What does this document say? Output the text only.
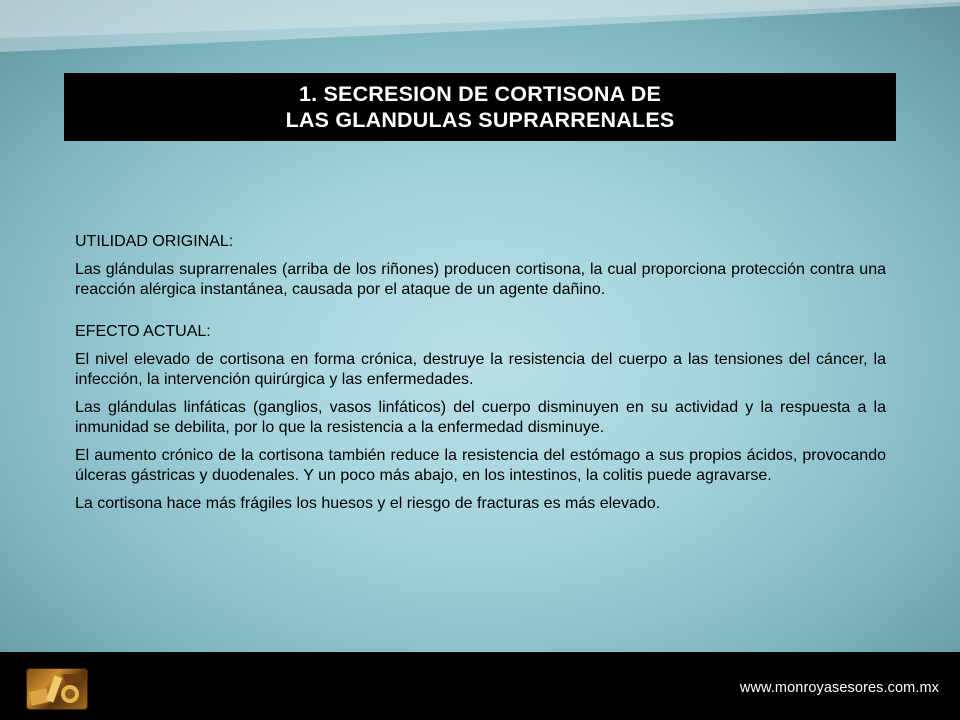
1. SECRESION DE CORTISONA DE
LAS GLANDULAS SUPRARRENALES
UTILIDAD ORIGINAL:
Las glándulas suprarrenales (arriba de los riñones) producen cortisona, la cual proporciona protección contra una reacción alérgica instantánea, causada por el ataque de un agente dañino.
EFECTO ACTUAL:
El nivel elevado de cortisona en forma crónica, destruye la resistencia del cuerpo a las tensiones del cáncer, la infección, la intervención quirúrgica y las enfermedades.
Las glándulas linfáticas (ganglios, vasos linfáticos) del cuerpo disminuyen en su actividad y la respuesta a la inmunidad se debilita, por lo que la resistencia a la enfermedad disminuye.
El aumento crónico de la cortisona también reduce la resistencia del estómago a sus propios ácidos, provocando úlceras gástricas y duodenales. Y un poco más abajo, en los intestinos, la colitis puede agravarse.
La cortisona hace más frágiles los huesos y el riesgo de fracturas es más elevado.
www.monroyasesores.com.mx
